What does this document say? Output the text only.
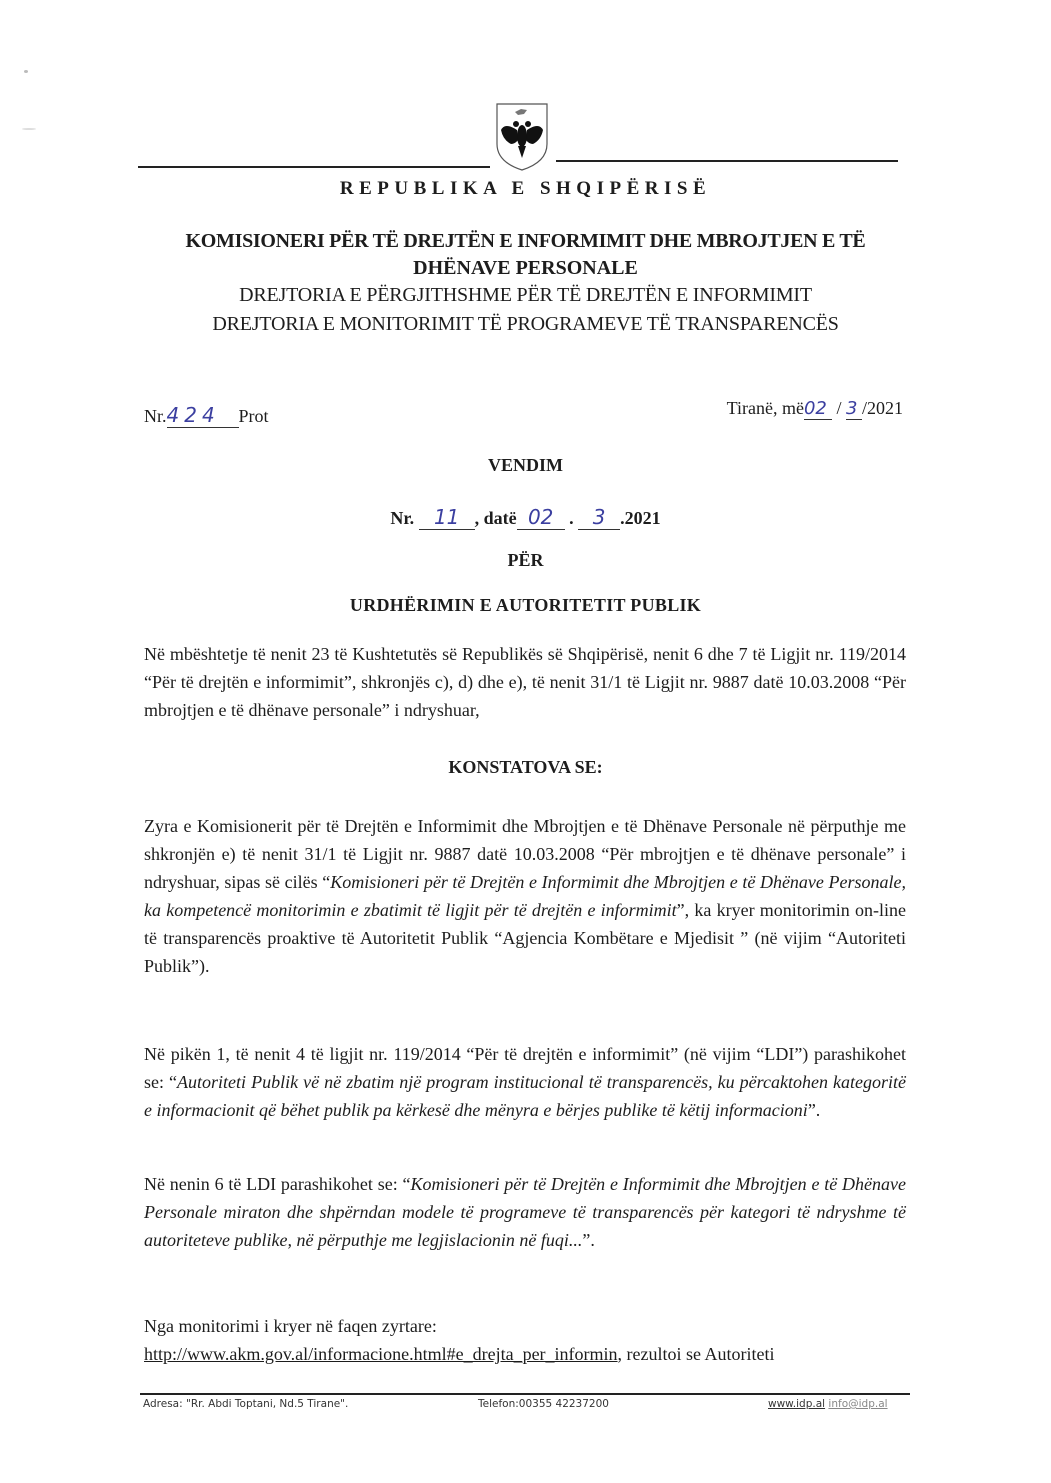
REPUBLIKA E SHQIPËRISË
KOMISIONERI PËR TË DREJTËN E INFORMIMIT DHE MBROJTJEN E TË
DHËNAVE PERSONALE
DREJTORIA E PËRGJITHSHME PËR TË DREJTËN E INFORMIMIT
DREJTORIA E MONITORIMIT TË PROGRAMEVE TË TRANSPARENCËS
Nr.424 Prot	Tiranë, më02 / 3 /2021
VENDIM
Nr. 11 , datë 02 . 3 .2021
PËR
URDHËRIMIN E AUTORITETIT PUBLIK
Në mbështetje të nenit 23 të Kushtetutës së Republikës së Shqipërisë, nenit 6 dhe 7 të Ligjit nr. 119/2014 “Për të drejtën e informimit”, shkronjës c), d) dhe e), të nenit 31/1 të Ligjit nr. 9887 datë 10.03.2008 “Për mbrojtjen e të dhënave personale” i ndryshuar,
KONSTATOVA SE:
Zyra e Komisionerit për të Drejtën e Informimit dhe Mbrojtjen e të Dhënave Personale në përputhje me shkronjën e) të nenit 31/1 të Ligjit nr. 9887 datë 10.03.2008 “Për mbrojtjen e të dhënave personale” i ndryshuar, sipas së cilës “Komisioneri për të Drejtën e Informimit dhe Mbrojtjen e të Dhënave Personale, ka kompetencë monitorimin e zbatimit të ligjit për të drejtën e informimit”, ka kryer monitorimin on-line të transparencës proaktive të Autoritetit Publik “Agjencia Kombëtare e Mjedisit ” (në vijim “Autoriteti Publik”).
Në pikën 1, të nenit 4 të ligjit nr. 119/2014 “Për të drejtën e informimit” (në vijim “LDI”) parashikohet se: “Autoriteti Publik vë në zbatim një program institucional të transparencës, ku përcaktohen kategoritë e informacionit që bëhet publik pa kërkesë dhe mënyra e bërjes publike të këtij informacioni”.
Në nenin 6 të LDI parashikohet se: “Komisioneri për të Drejtën e Informimit dhe Mbrojtjen e të Dhënave Personale miraton dhe shpërndan modele të programeve të transparencës për kategori të ndryshme të autoriteteve publike, në përputhje me legjislacionin në fuqi...”.
Nga monitorimi i kryer në faqen zyrtare:
http://www.akm.gov.al/informacione.html#e_drejta_per_informin, rezultoi se Autoriteti
Adresa: "Rr. Abdi Toptani, Nd.5 Tirane".	Telefon:00355 42237200	www.idp.al info@idp.al
